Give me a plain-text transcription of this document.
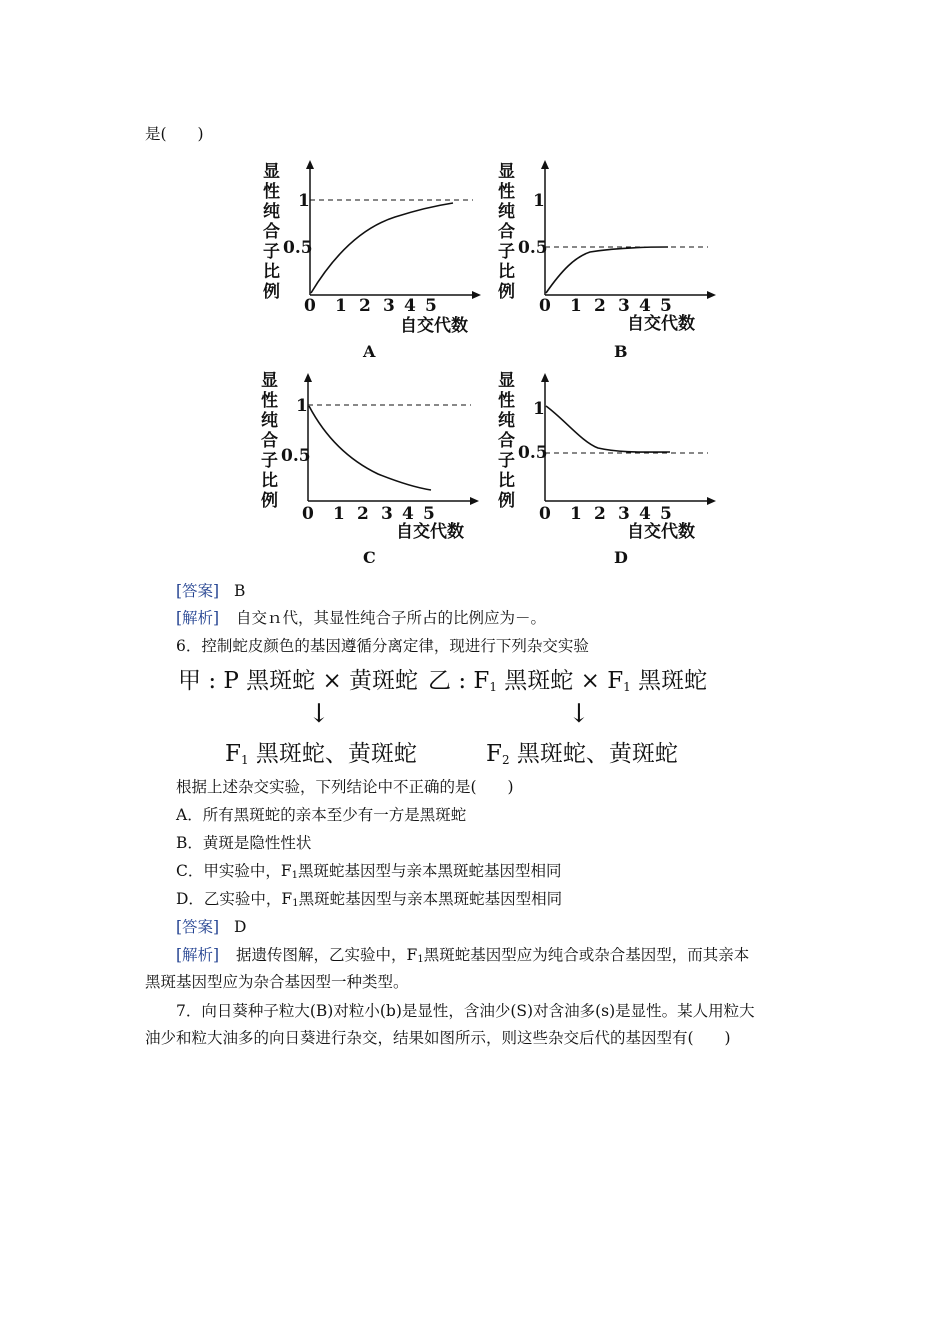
是(　　)
显
性
纯
合
子
比
例
1
0.5
0 1 2 3 4 5
自交代数
A
显
性
纯
合
子
比
例
1
0.5
0 1 2 3 4 5
自交代数
B
显
性
纯
合
子
比
例
1
0.5
0 1 2 3 4 5
自交代数
C
显
性
纯
合
子
比
例
1
0.5
0 1 2 3 4 5
自交代数
D
[答案] B
[解析] 自交ｎ代，其显性纯合子所占的比例应为－。
6．控制蛇皮颜色的基因遵循分离定律，现进行下列杂交实验
甲 : P 黑斑蛇 × 黄斑蛇 乙 : $F_1$ 黑斑蛇 × $F_1$ 黑斑蛇
↓	↓
$F_1$ 黑斑蛇、黄斑蛇	$F_2$ 黑斑蛇、黄斑蛇
根据上述杂交实验，下列结论中不正确的是(　　)
A．所有黑斑蛇的亲本至少有一方是黑斑蛇
B．黄斑是隐性性状
C．甲实验中，F1黑斑蛇基因型与亲本黑斑蛇基因型相同
D．乙实验中，F1黑斑蛇基因型与亲本黑斑蛇基因型相同
[答案] D
[解析] 据遗传图解，乙实验中，F1黑斑蛇基因型应为纯合或杂合基因型，而其亲本
黑斑基因型应为杂合基因型一种类型。
7．向日葵种子粒大(B)对粒小(b)是显性，含油少(S)对含油多(s)是显性。某人用粒大
油少和粒大油多的向日葵进行杂交，结果如图所示，则这些杂交后代的基因型有(　　)
